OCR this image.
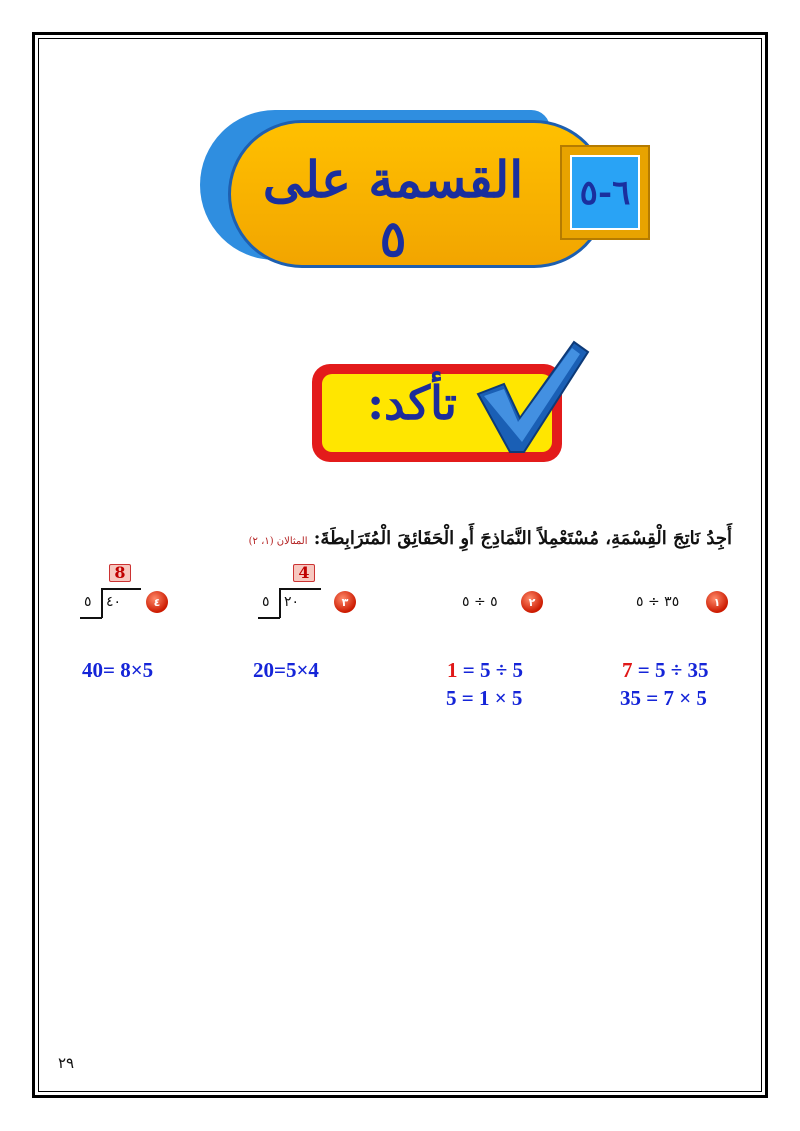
القسمة على ٥
٦-٥
تأكد:
أَجِدُ نَاتِجَ الْقِسْمَةِ، مُسْتَعْمِلاً النَّمَاذِجَ أَوِ الْحَقَائِقَ الْمُتَرَابِطَةَ: المثالان (١، ٢)
١
٣٥ ÷ ٥
٢
٥ ÷ ٥
٣
4
٢٠
٥
٤
8
٤٠
٥
7 = 5 ÷ 35
35 = 7 × 5
1 = 5 ÷ 5
5 = 1 × 5
20=5×4
40= 8×5
٢٩
